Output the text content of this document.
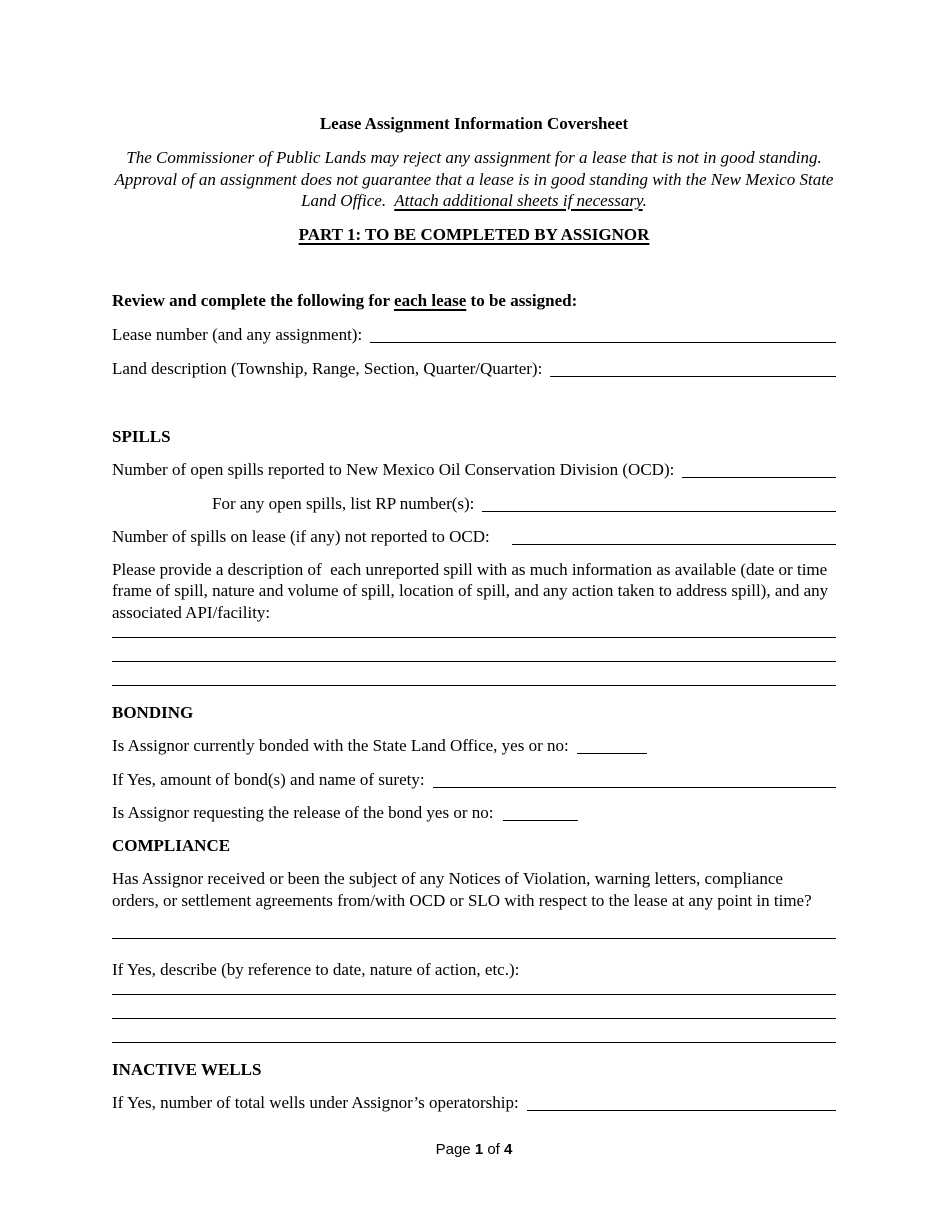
Lease Assignment Information Coversheet
The Commissioner of Public Lands may reject any assignment for a lease that is not in good standing.
Approval of an assignment does not guarantee that a lease is in good standing with the New Mexico State
Land Office.  Attach additional sheets if necessary.
PART 1: TO BE COMPLETED BY ASSIGNOR
Review and complete the following for each lease to be assigned:
Lease number (and any assignment):
Land description (Township, Range, Section, Quarter/Quarter):
SPILLS
Number of open spills reported to New Mexico Oil Conservation Division (OCD):
For any open spills, list RP number(s):
Number of spills on lease (if any) not reported to OCD:
Please provide a description of  each unreported spill with as much information as available (date or time
frame of spill, nature and volume of spill, location of spill, and any action taken to address spill), and any
associated API/facility:
BONDING
Is Assignor currently bonded with the State Land Office, yes or no:
If Yes, amount of bond(s) and name of surety:
Is Assignor requesting the release of the bond yes or no:
COMPLIANCE
Has Assignor received or been the subject of any Notices of Violation, warning letters, compliance
orders, or settlement agreements from/with OCD or SLO with respect to the lease at any point in time?
If Yes, describe (by reference to date, nature of action, etc.):
INACTIVE WELLS
If Yes, number of total wells under Assignor’s operatorship:
Page 1 of 4
